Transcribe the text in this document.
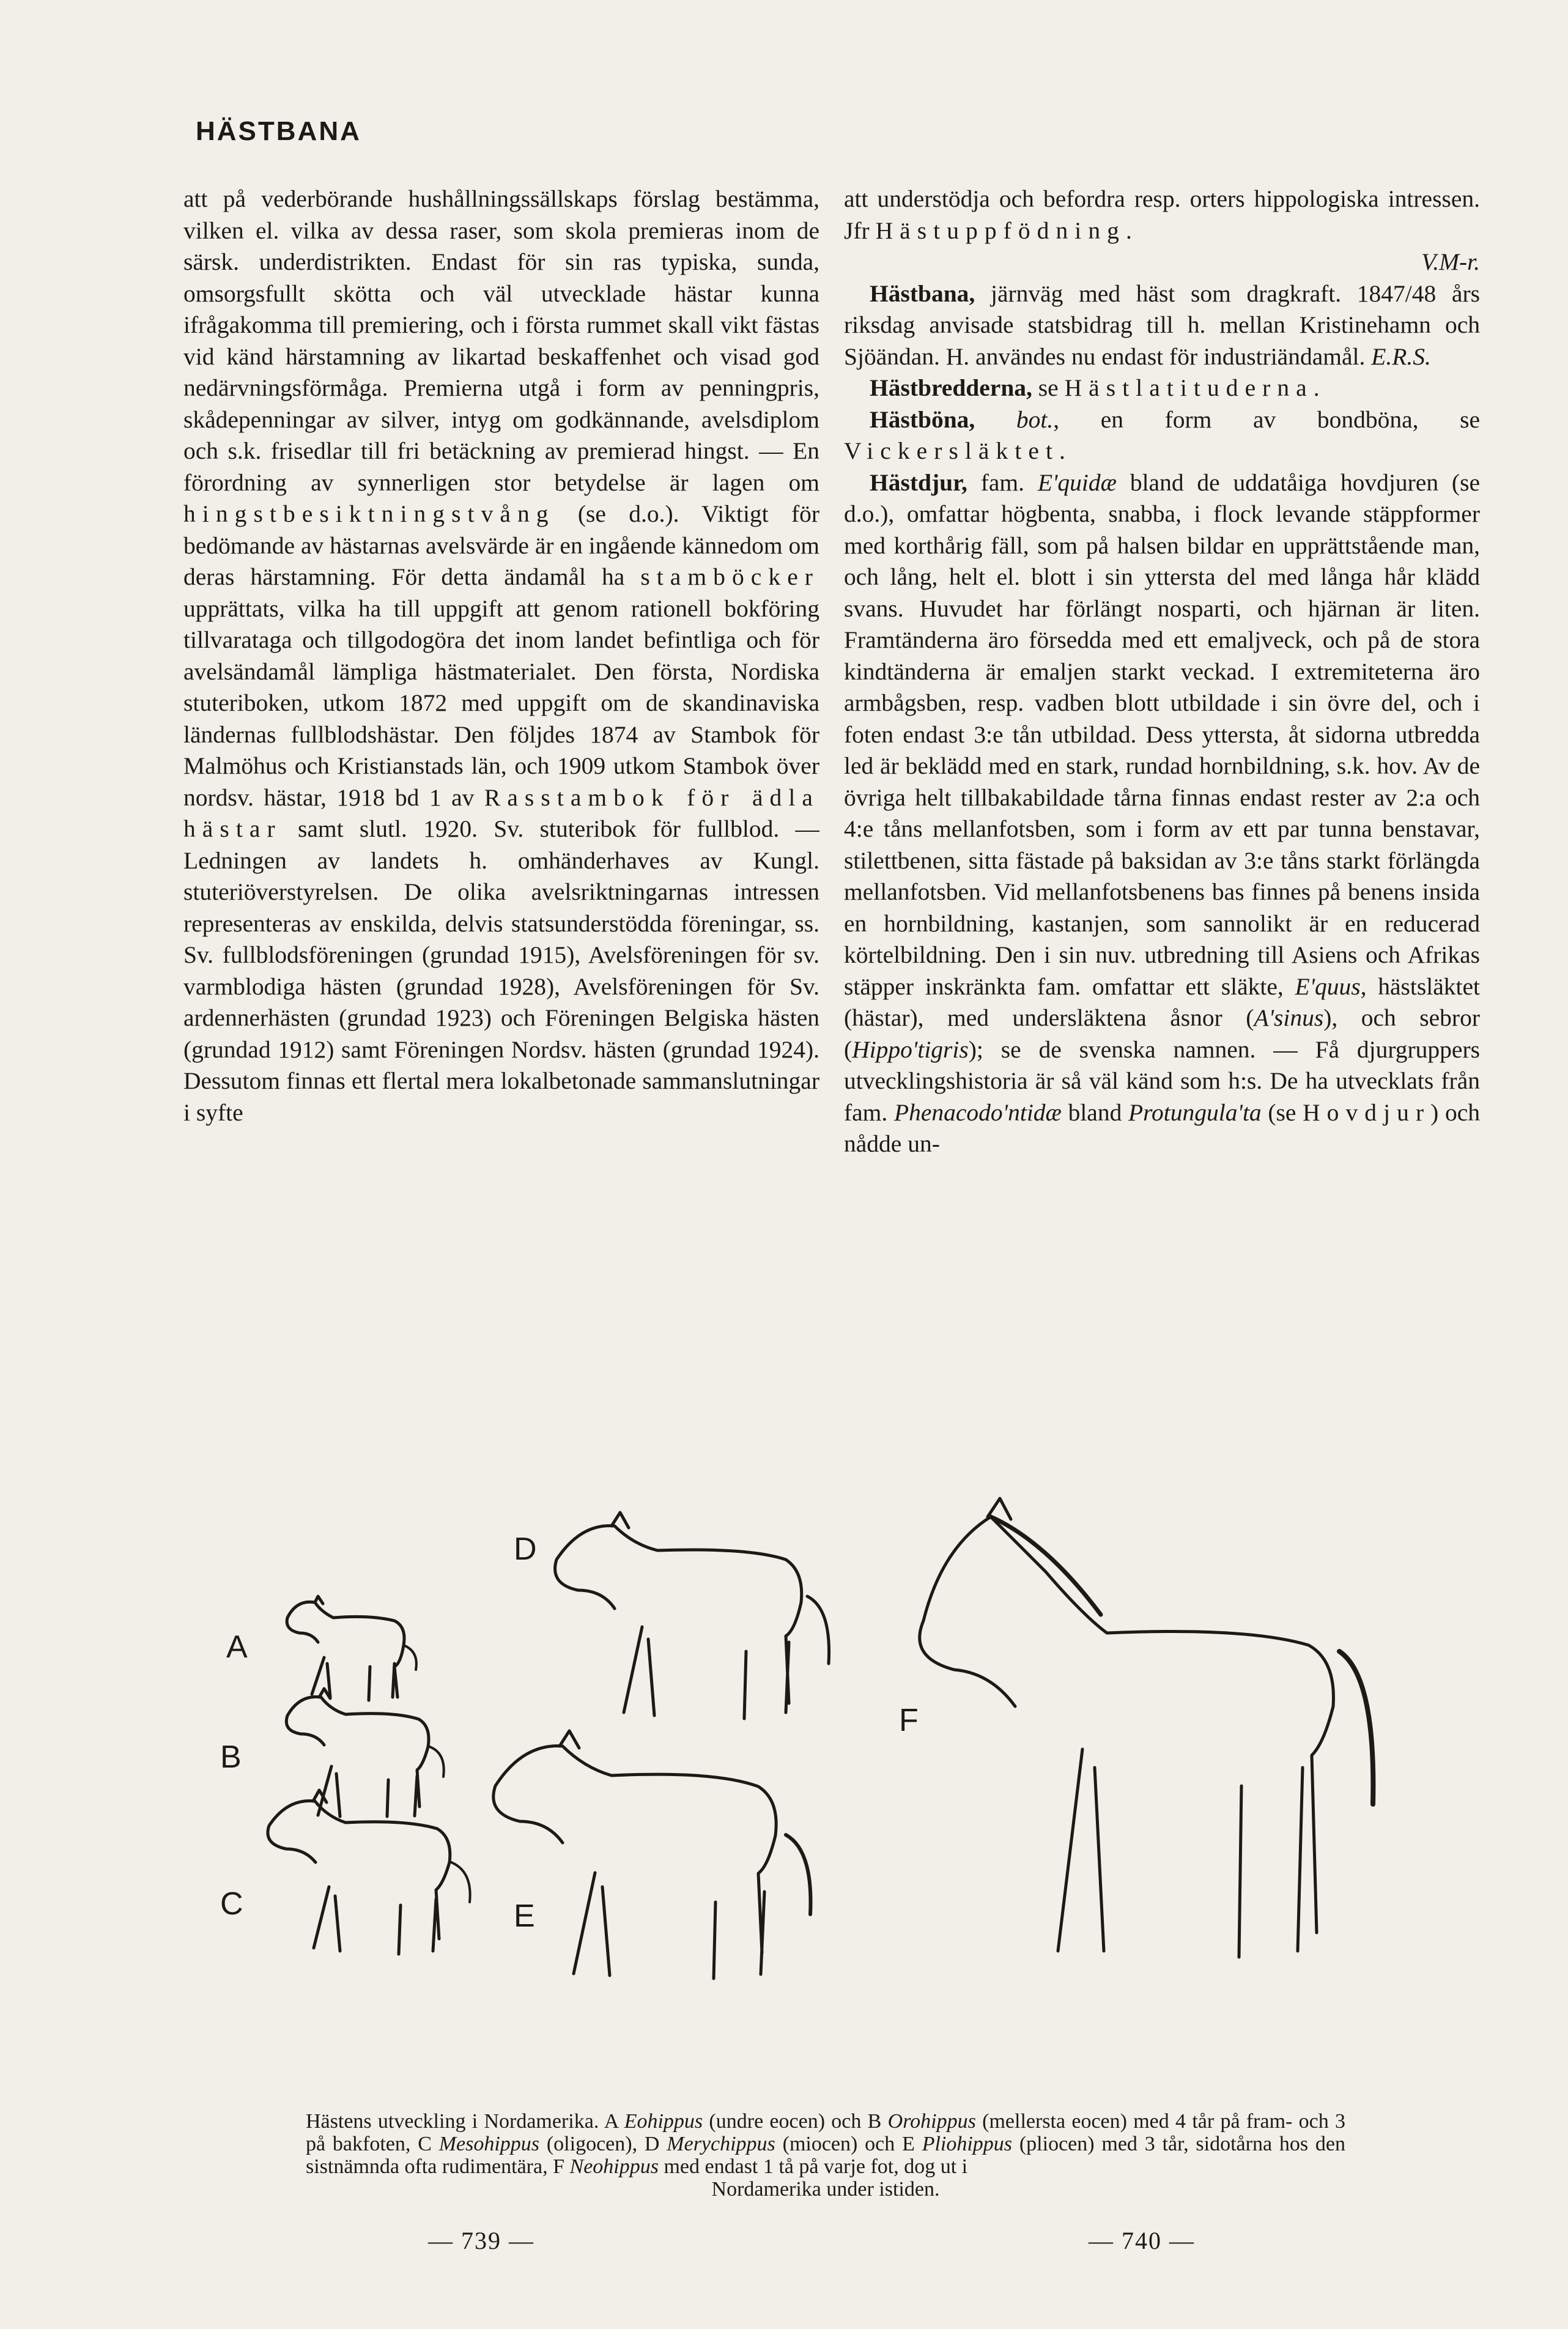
HÄSTBANA

att på vederbörande hushållningssällskaps förslag bestämma, vilken el. vilka av dessa raser, som skola premieras inom de särsk. underdistrikten. Endast för sin ras typiska, sunda, omsorgsfullt skötta och väl utvecklade hästar kunna ifrågakomma till premiering, och i första rummet skall vikt fästas vid känd härstamning av likartad beskaffenhet och visad god nedärvningsförmåga. Premierna utgå i form av penningpris, skådepenningar av silver, intyg om godkännande, avelsdiplom och s.k. frisedlar till fri betäckning av premierad hingst. — En förordning av synnerligen stor betydelse är lagen om hingstbesiktningstvång (se d.o.). Viktigt för bedömande av hästarnas avelsvärde är en ingående kännedom om deras härstamning. För detta ändamål ha stamböcker upprättats, vilka ha till uppgift att genom rationell bokföring tillvaratagа och tillgodogöra det inom landet befintliga och för avelsändamål lämpliga hästmaterialet. Den första, Nordiska stuteriboken, utkom 1872 med uppgift om de skandinaviska ländernas fullblodshästar. Den följdes 1874 av Stambok för Malmöhus och Kristianstads län, och 1909 utkom Stambok över nordsv. hästar, 1918 bd 1 av Rasstambok för ädla hästar samt slutl. 1920. Sv. stuteribok för fullblod. — Ledningen av landets h. omhänderhaves av Kungl. stuteriöverstyrelsen. De olika avelsriktningarnas intressen representeras av enskilda, delvis statsunderstödda föreningar, ss. Sv. fullblodsföreningen (grundad 1915), Avelsföreningen för sv. varmblodiga hästen (grundad 1928), Avelsföreningen för Sv. ardennerhästen (grundad 1923) och Föreningen Belgiska hästen (grundad 1912) samt Föreningen Nordsv. hästen (grundad 1924). Dessutom finnas ett flertal mera lokalbetonade sammanslutningar i syfte

att understödja och befordra resp. orters hippologiska intressen. Jfr Hästuppfödning.
V.M-r.

Hästbana, järnväg med häst som dragkraft. 1847/48 års riksdag anvisade statsbidrag till h. mellan Kristinehamn och Sjöändan. H. användes nu endast för industriändamål. E.R.S.

Hästbredderna, se Hästlatituderna.

Hästböna, bot., en form av bondböna, se Vickersläktet.

Hästdjur, fam. E'quidæ bland de uddatåiga hovdjuren (se d.o.), omfattar högbenta, snabba, i flock levande stäppformer med korthårig fäll, som på halsen bildar en upprättstående man, och lång, helt el. blott i sin yttersta del med långa hår klädd svans. Huvudet har förlängt nosparti, och hjärnan är liten. Framtänderna äro försedda med ett emaljveck, och på de stora kindtänderna är emaljen starkt veckad. I extremiteterna äro armbågsben, resp. vadben blott utbildade i sin övre del, och i foten endast 3:e tån utbildad. Dess yttersta, åt sidorna utbredda led är beklädd med en stark, rundad hornbildning, s.k. hov. Av de övriga helt tillbakabildade tårna finnas endast rester av 2:a och 4:e tåns mellanfotsben, som i form av ett par tunna benstavar, stilettbenen, sitta fästade på baksidan av 3:e tåns starkt förlängda mellanfotsben. Vid mellanfotsbenens bas finnes på benens insida en hornbildning, kastanjen, som sannolikt är en reducerad körtelbildning. Den i sin nuv. utbredning till Asiens och Afrikas stäpper inskränkta fam. omfattar ett släkte, E'quus, hästsläktet (hästar), med undersläktena åsnor (A'sinus), och sebror (Hippo'tigris); se de svenska namnen. — Få djurgruppers utvecklingshistoria är så väl känd som h:s. De ha utvecklats från fam. Phenacodo'ntidæ bland Protungula'ta (se Hovdjur) och nådde un-

A
B
C
D
E
F
Hästens utveckling i Nordamerika. A Eohippus (undre eocen) och B Orohippus (mellersta eocen) med 4 tår på fram- och 3 på bakfoten, C Mesohippus (oligocen), D Merychippus (miocen) och E Pliohippus (pliocen) med 3 tår, sidotårna hos den sistnämnda ofta rudimentära, F Neohippus med endast 1 tå på varje fot, dog ut i
Nordamerika under istiden.
— 739 —	— 740 —
